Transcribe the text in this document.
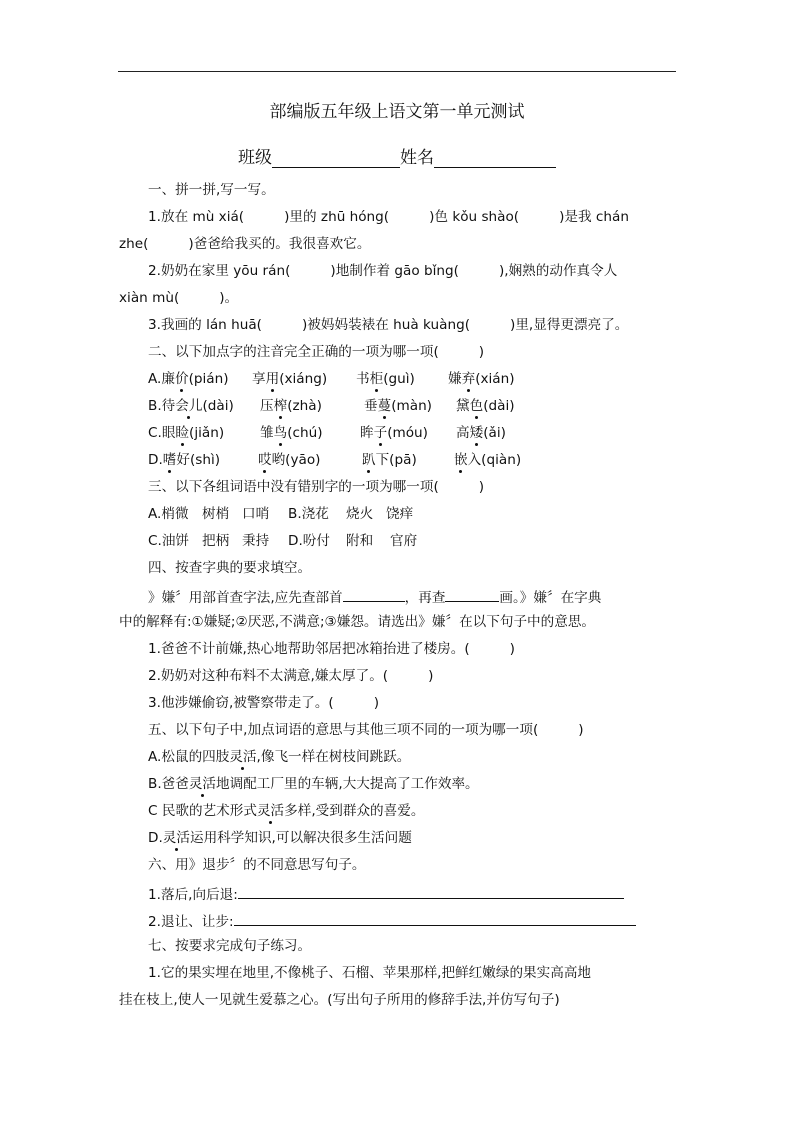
部编版五年级上语文第一单元测试
班级	姓名
一、拼一拼,写一写。
1.放在 mù xiá(	)里的 zhū hóng(	)色 kǒu shào(	)是我 chán
zhe(	)爸爸给我买的。我很喜欢它。
2.奶奶在家里 yōu rán(	)地制作着 gāo bǐng(	),娴熟的动作真令人
xiàn mù(	)。
3.我画的 lán huā(	)被妈妈装裱在 huà kuàng(	)里,显得更漂亮了。
二、以下加点字的注音完全正确的一项为哪一项(	)
A.廉价(pián) 享用(xiáng) 书柜(guì) 嫌弃(xián)
B.待会儿(dài) 压榨(zhà)	垂蔓(màn) 黛色(dài)
C.眼睑(jiǎn)	雏鸟(chú)	眸子(móu) 高矮(ǎi)
D.嗜好(shì)	哎哟(yāo)	趴下(pā)	嵌入(qiàn)
三、以下各组词语中没有错别字的一项为哪一项(	)
A.梢微 树梢 口哨 B.浇花 烧火 饶痒
C.油饼 把柄 秉持 D.吩付 附和 官府
四、按查字典的要求填空。
》嫌〞用部首查字法,应先查部首	，再查	画。》嫌〞在字典
中的解释有:①嫌疑;②厌恶,不满意;③嫌怨。请选出》嫌〞在以下句子中的意思。
1.爸爸不计前嫌,热心地帮助邻居把冰箱抬进了楼房。(	)
2.奶奶对这种布料不太满意,嫌太厚了。(	)
3.他涉嫌偷窃,被警察带走了。(	)
五、以下句子中,加点词语的意思与其他三项不同的一项为哪一项(	)
A.松鼠的四肢灵活,像飞一样在树枝间跳跃。
B.爸爸灵活地调配工厂里的车辆,大大提高了工作效率。
C 民歌的艺术形式灵活多样,受到群众的喜爱。
D.灵活运用科学知识,可以解决很多生活问题
六、用》退步〞的不同意思写句子。
1.落后,向后退:
2.退让、让步:
七、按要求完成句子练习。
1.它的果实埋在地里,不像桃子、石榴、苹果那样,把鲜红嫩绿的果实高高地
挂在枝上,使人一见就生爱慕之心。(写出句子所用的修辞手法,并仿写句子)
